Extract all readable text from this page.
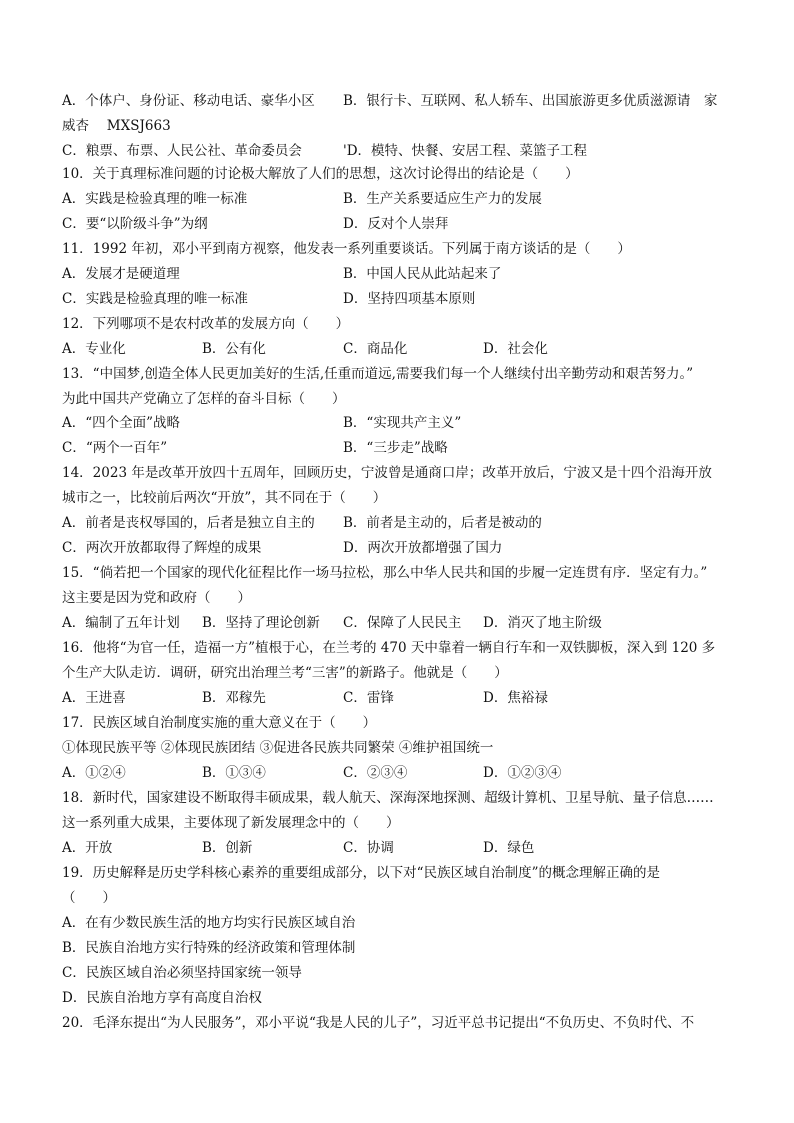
A．个体户、身份证、移动电话、豪华小区 B．银行卡、互联网、私人轿车、出国旅游更多优质滋源请　家
威杏　 MXSJ663
C．粮票、布票、人民公社、革命委员会	'D．模特、快餐、安居工程、菜篮子工程
10．关于真理标准问题的讨论极大解放了人们的思想，这次讨论得出的结论是（　　）
A．实践是检验真理的唯一标准	B．生产关系要适应生产力的发展
C．要“以阶级斗争”为纲	D．反对个人崇拜
11．1992 年初，邓小平到南方视察，他发表一系列重要谈话。下列属于南方谈话的是（　　）
A．发展才是硬道理	B．中国人民从此站起来了
C．实践是检验真理的唯一标准	D．坚持四项基本原则
12．下列哪项不是农村改革的发展方向（　　）
A．专业化	B．公有化	C．商品化	D．社会化
13．“中国梦,创造全体人民更加美好的生活,任重而道远,需要我们每一个人继续付出辛勤劳动和艰苦努力。”
为此中国共产党确立了怎样的奋斗目标（　　）
A．“四个全面”战略	B．“实现共产主义”
C．“两个一百年”	B．“三步走”战略
14．2023 年是改革开放四十五周年，回顾历史，宁波曾是通商口岸；改革开放后，宁波又是十四个沿海开放
城市之一，比较前后两次“开放”，其不同在于（　　）
A．前者是丧权辱国的，后者是独立自主的 B．前者是主动的，后者是被动的
C．两次开放都取得了辉煌的成果	D．两次开放都增强了国力
15．“倘若把一个国家的现代化征程比作一场马拉松，那么中华人民共和国的步履一定连贯有序．坚定有力。”
这主要是因为党和政府（　　）
A．编制了五年计划 B．坚持了理论创新 C．保障了人民民主 D．消灭了地主阶级
16．他将“为官一任，造福一方”植根于心，在兰考的 470 天中靠着一辆自行车和一双铁脚板，深入到 120 多
个生产大队走访．调研，研究出治理兰考“三害”的新路子。他就是（　　）
A．王进喜	B．邓稼先	C．雷锋	D．焦裕禄
17．民族区域自治制度实施的重大意义在于（　　）
①体现民族平等 ②体现民族团结 ③促进各民族共同繁荣 ④维护祖国统一
A．①②④	B．①③④	C．②③④	D．①②③④
18．新时代，国家建设不断取得丰硕成果，载人航天、深海深地探测、超级计算机、卫星导航、量子信息……
这一系列重大成果，主要体现了新发展理念中的（　　）
A．开放	B．创新	C．协调	D．绿色
19．历史解释是历史学科核心素养的重要组成部分，以下对“民族区域自治制度”的概念理解正确的是
（　　）
A．在有少数民族生活的地方均实行民族区域自治
B．民族自治地方实行特殊的经济政策和管理体制
C．民族区域自治必须坚持国家统一领导
D．民族自治地方享有高度自治权
20．毛泽东提出“为人民服务”，邓小平说“我是人民的儿子”，习近平总书记提出“不负历史、不负时代、不
